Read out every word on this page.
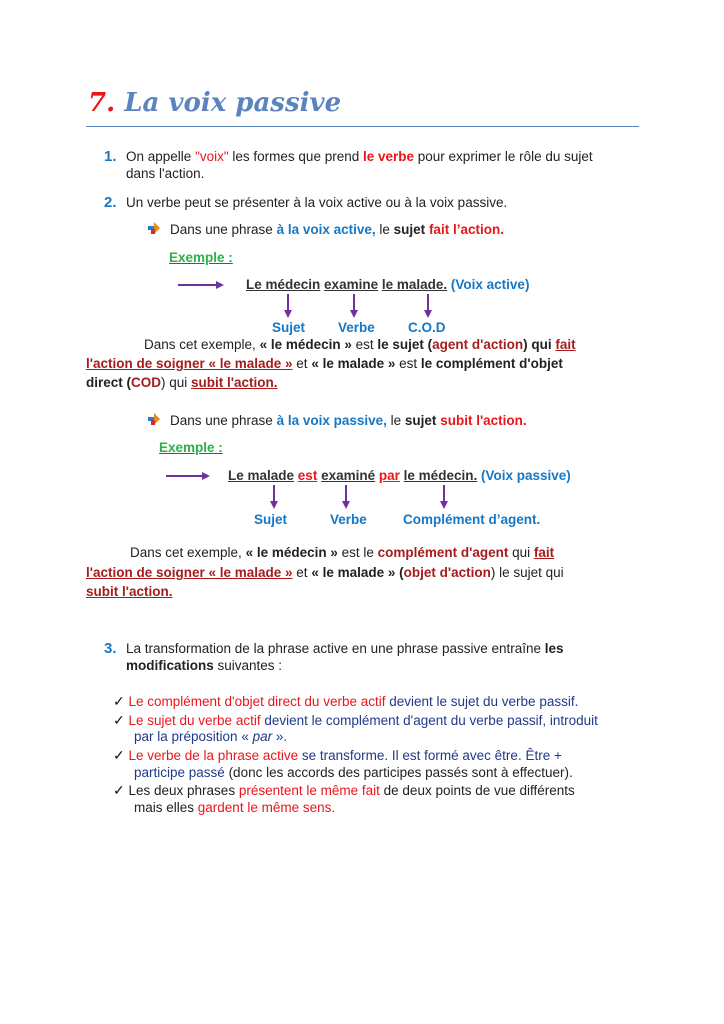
7. La voix passive
1. On appelle "voix" les formes que prend le verbe pour exprimer le rôle du sujet
dans l'action.
2. Un verbe peut se présenter à la voix active ou à la voix passive.
Dans une phrase à la voix active, le sujet fait l’action.
Exemple :
Le médecin examine le malade. (Voix active)
Sujet Verbe C.O.D
Dans cet exemple, « le médecin » est le sujet (agent d'action) qui fait
l'action de soigner « le malade » et « le malade » est le complément d'objet
direct (COD) qui subit l'action.
Dans une phrase à la voix passive, le sujet subit l'action.
Exemple :
Le malade est examiné par le médecin. (Voix passive)
Sujet	Verbe	Complément d’agent.
Dans cet exemple, « le médecin » est le complément d'agent qui fait
l'action de soigner « le malade » et « le malade » (objet d'action) le sujet qui
subit l'action.
3. La transformation de la phrase active en une phrase passive entraîne les
modifications suivantes :
✓ Le complément d'objet direct du verbe actif devient le sujet du verbe passif.
✓ Le sujet du verbe actif devient le complément d'agent du verbe passif, introduit
par la préposition « par ».
✓ Le verbe de la phrase active se transforme. Il est formé avec être. Être +
participe passé (donc les accords des participes passés sont à effectuer).
✓ Les deux phrases présentent le même fait de deux points de vue différents
mais elles gardent le même sens.
